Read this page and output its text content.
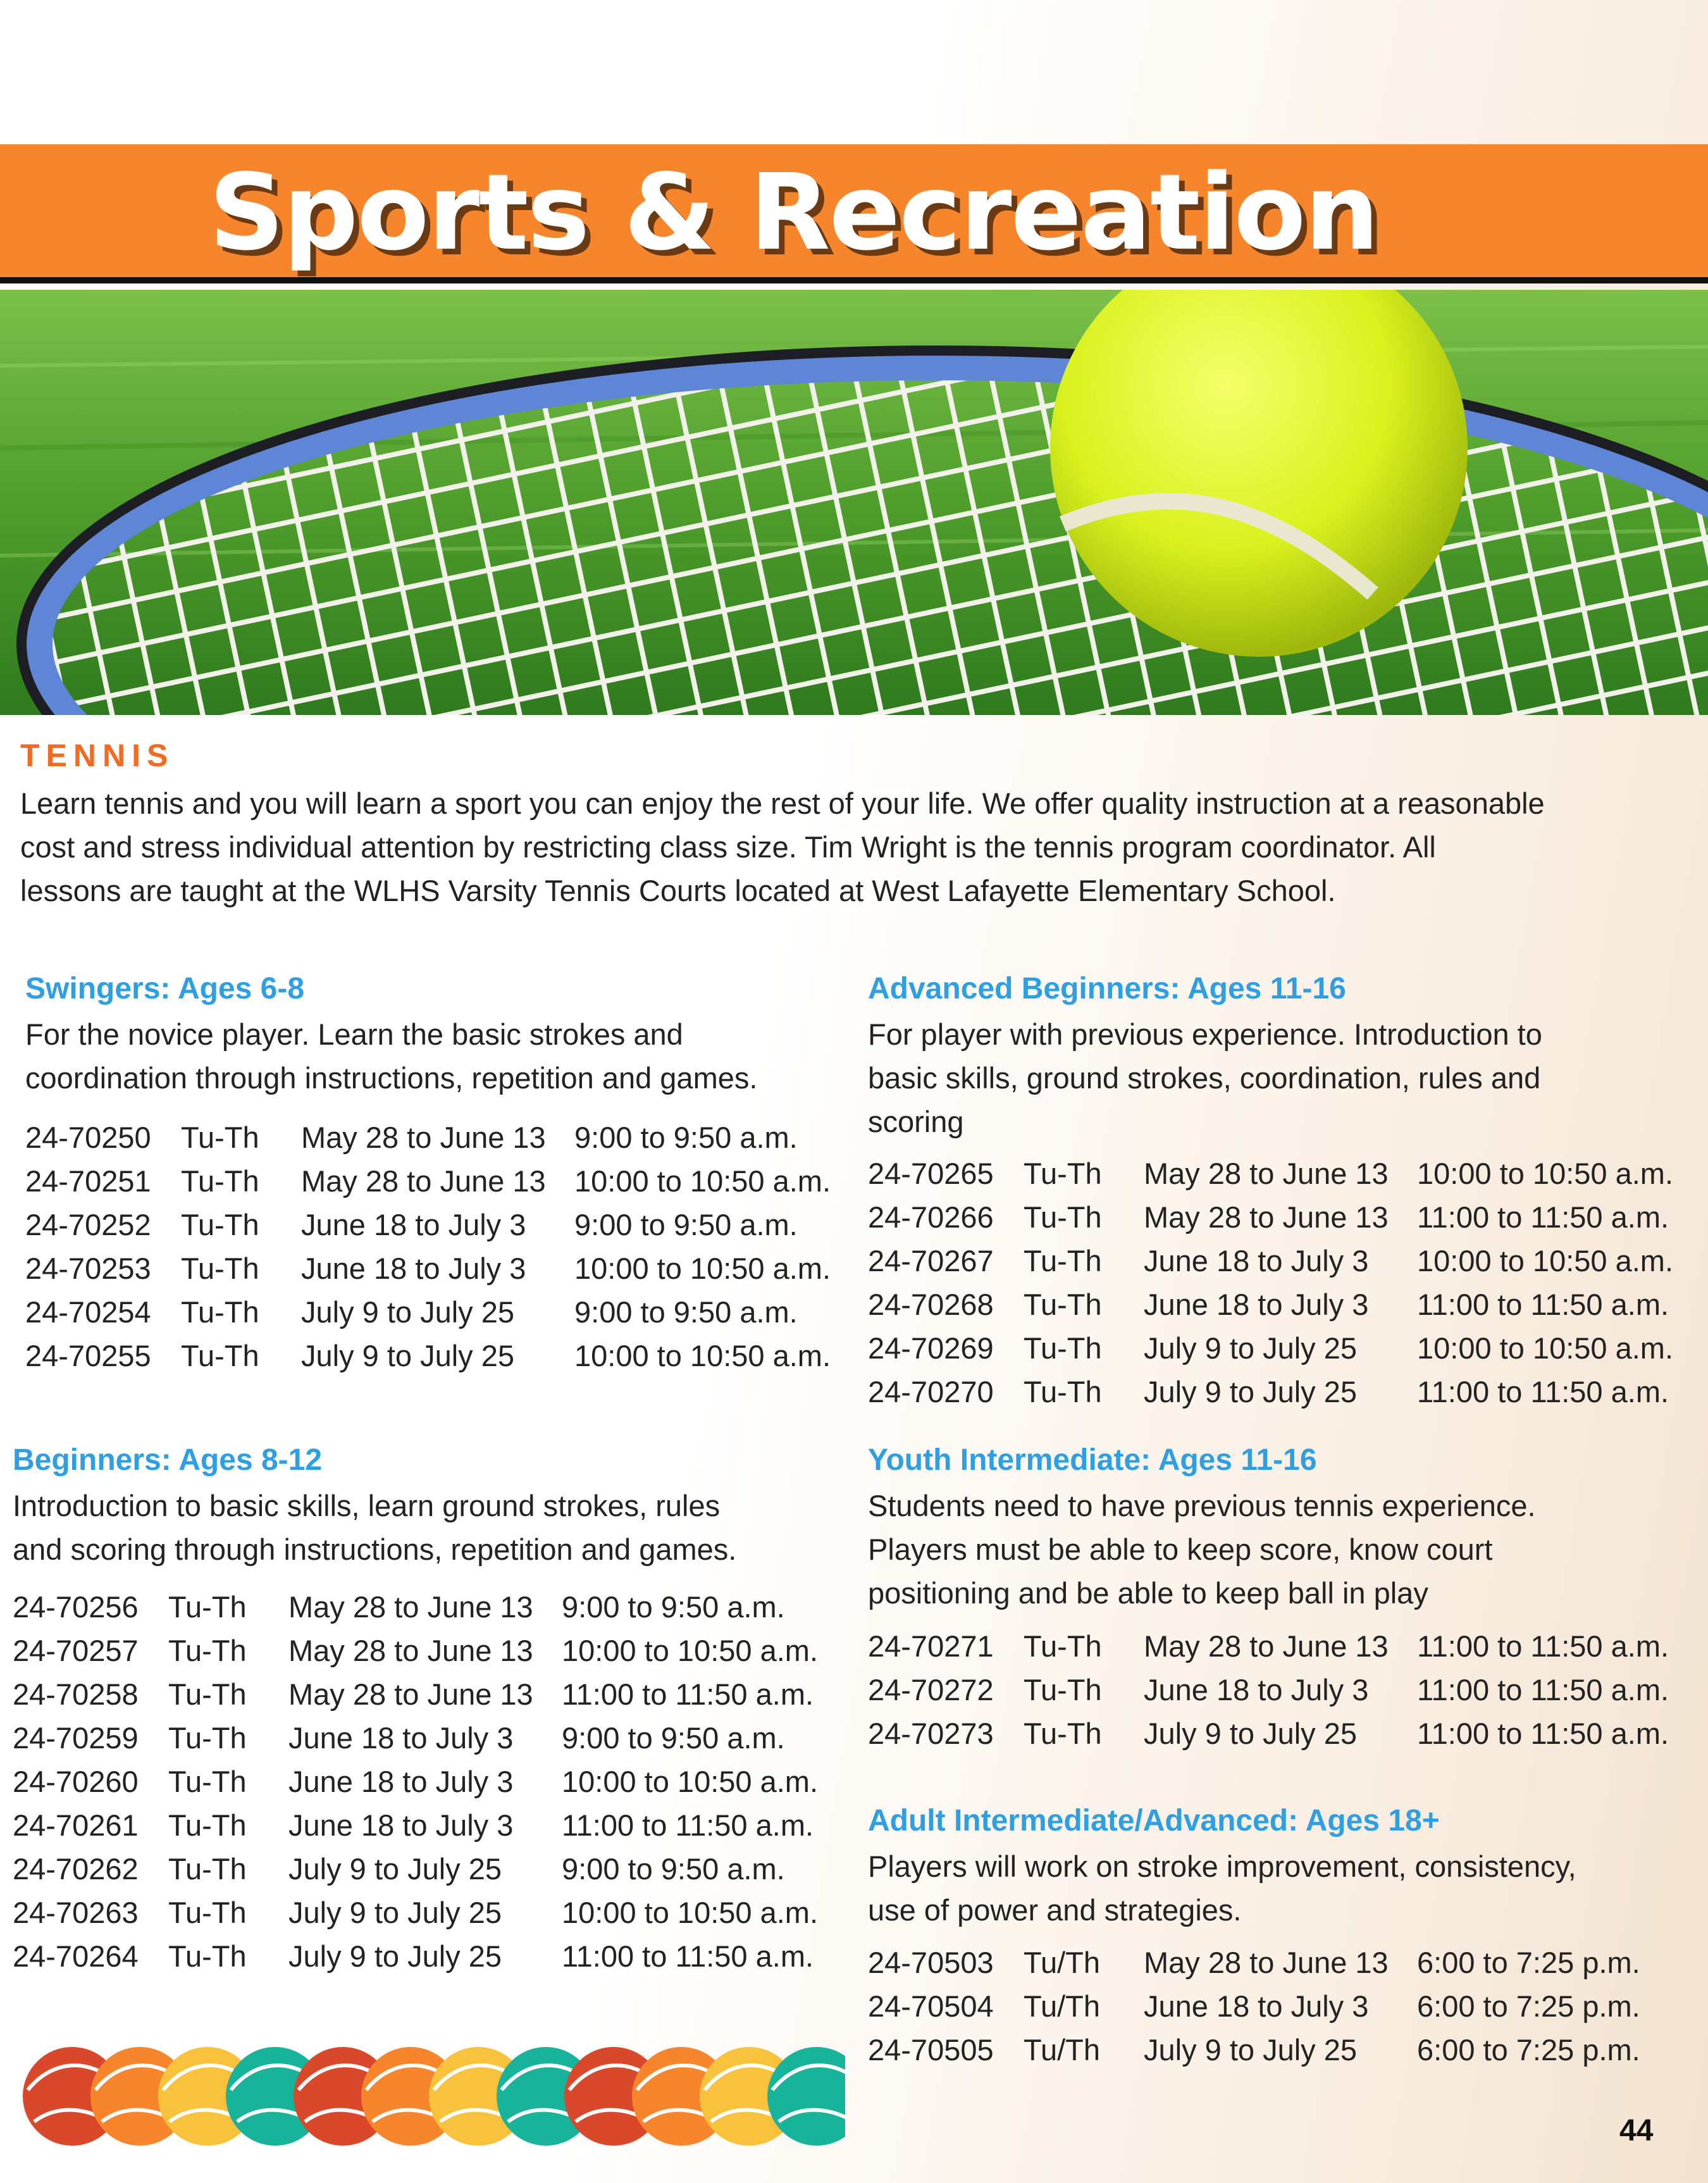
Sports & Recreation
TENNIS
Learn tennis and you will learn a sport you can enjoy the rest of your life. We offer quality instruction at a reasonable
cost and stress individual attention by restricting class size. Tim Wright is the tennis program coordinator. All
lessons are taught at the WLHS Varsity Tennis Courts located at West Lafayette Elementary School.
Swingers: Ages 6-8
For the novice player. Learn the basic strokes and
coordination through instructions, repetition and games.
24-70250	Tu-Th	May 28 to June 13	9:00 to 9:50 a.m.
24-70251	Tu-Th	May 28 to June 13	10:00 to 10:50 a.m.
24-70252	Tu-Th	June 18 to July 3	9:00 to 9:50 a.m.
24-70253	Tu-Th	June 18 to July 3	10:00 to 10:50 a.m.
24-70254	Tu-Th	July 9 to July 25	9:00 to 9:50 a.m.
24-70255	Tu-Th	July 9 to July 25	10:00 to 10:50 a.m.
Beginners: Ages 8-12
Introduction to basic skills, learn ground strokes, rules
and scoring through instructions, repetition and games.
24-70256	Tu-Th	May 28 to June 13	9:00 to 9:50 a.m.
24-70257	Tu-Th	May 28 to June 13	10:00 to 10:50 a.m.
24-70258	Tu-Th	May 28 to June 13	11:00 to 11:50 a.m.
24-70259	Tu-Th	June 18 to July 3	9:00 to 9:50 a.m.
24-70260	Tu-Th	June 18 to July 3	10:00 to 10:50 a.m.
24-70261	Tu-Th	June 18 to July 3	11:00 to 11:50 a.m.
24-70262	Tu-Th	July 9 to July 25	9:00 to 9:50 a.m.
24-70263	Tu-Th	July 9 to July 25	10:00 to 10:50 a.m.
24-70264	Tu-Th	July 9 to July 25	11:00 to 11:50 a.m.
Advanced Beginners: Ages 11-16
For player with previous experience. Introduction to
basic skills, ground strokes, coordination, rules and
scoring
24-70265	Tu-Th	May 28 to June 13	10:00 to 10:50 a.m.
24-70266	Tu-Th	May 28 to June 13	11:00 to 11:50 a.m.
24-70267	Tu-Th	June 18 to July 3	10:00 to 10:50 a.m.
24-70268	Tu-Th	June 18 to July 3	11:00 to 11:50 a.m.
24-70269	Tu-Th	July 9 to July 25	10:00 to 10:50 a.m.
24-70270	Tu-Th	July 9 to July 25	11:00 to 11:50 a.m.
Youth Intermediate: Ages 11-16
Students need to have previous tennis experience.
Players must be able to keep score, know court
positioning and be able to keep ball in play
24-70271	Tu-Th	May 28 to June 13	11:00 to 11:50 a.m.
24-70272	Tu-Th	June 18 to July 3	11:00 to 11:50 a.m.
24-70273	Tu-Th	July 9 to July 25	11:00 to 11:50 a.m.
Adult Intermediate/Advanced: Ages 18+
Players will work on stroke improvement, consistency,
use of power and strategies.
24-70503	Tu/Th	May 28 to June 13	6:00 to 7:25 p.m.
24-70504	Tu/Th	June 18 to July 3	6:00 to 7:25 p.m.
24-70505	Tu/Th	July 9 to July 25	6:00 to 7:25 p.m.
44
